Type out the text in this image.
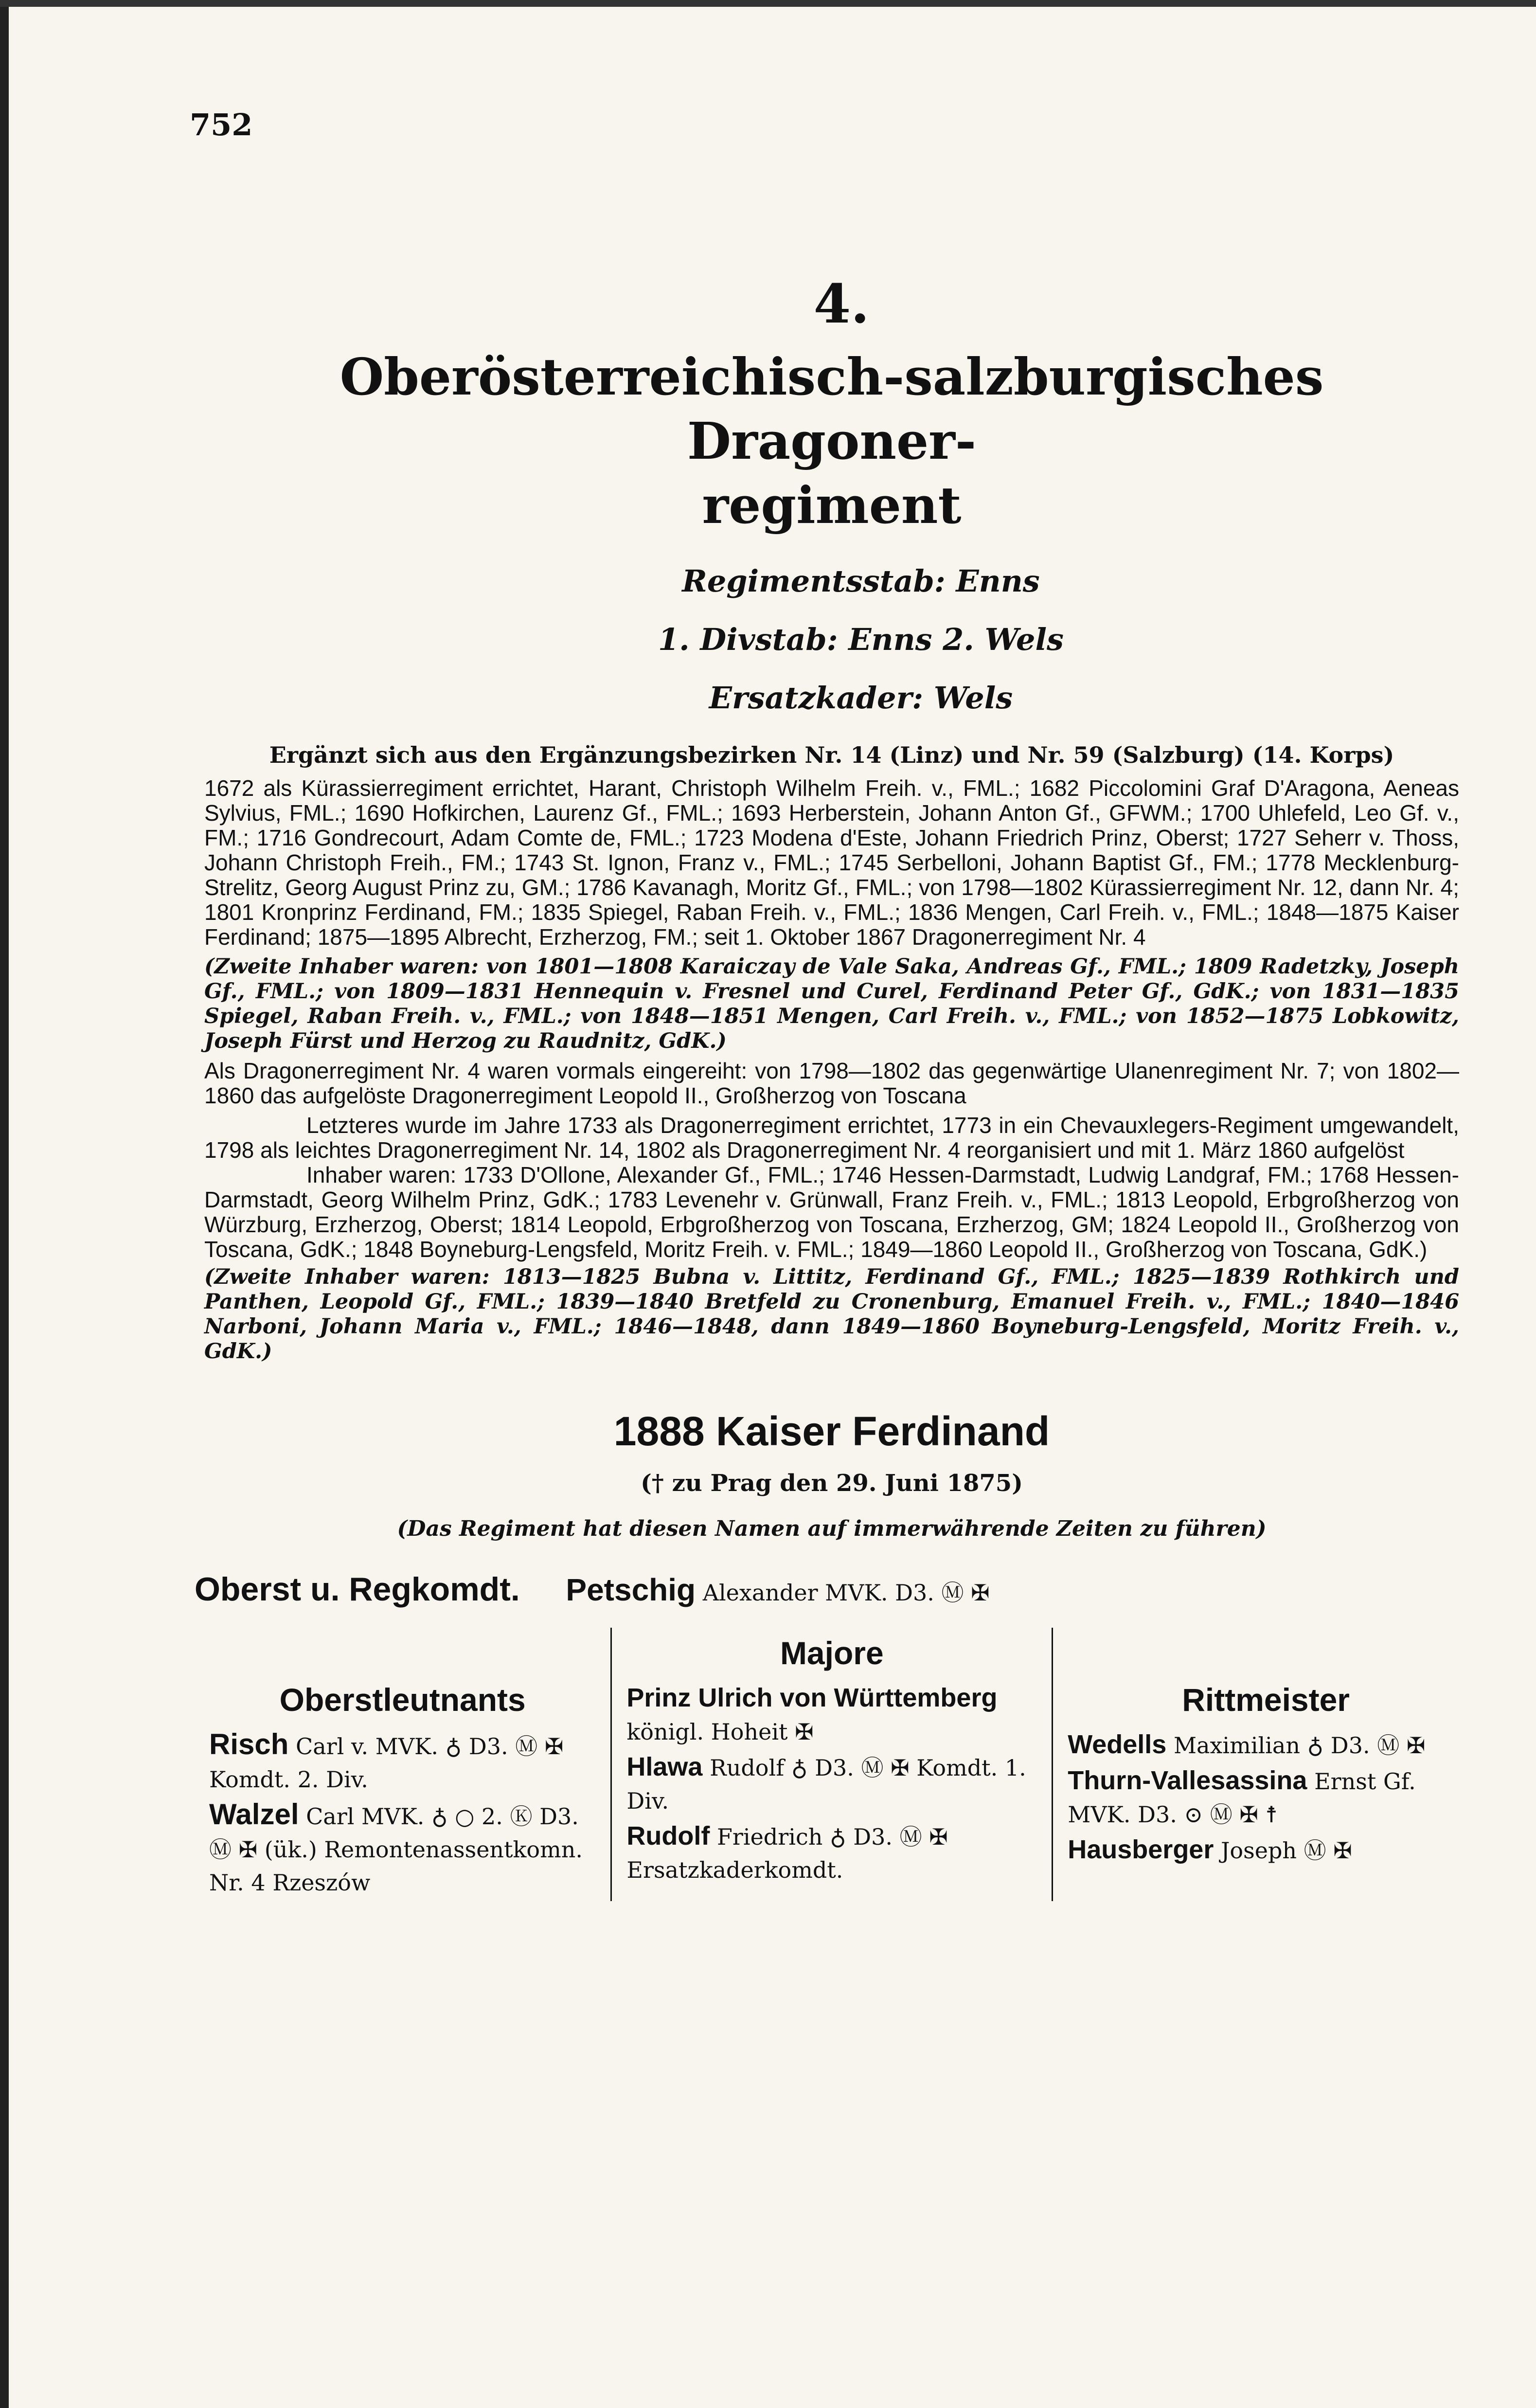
752
4.
Oberösterreichisch-salzburgisches Dragoner-
regiment
Regimentsstab: Enns
1. Divstab: Enns 2. Wels
Ersatzkader: Wels
Ergänzt sich aus den Ergänzungsbezirken Nr. 14 (Linz) und Nr. 59 (Salzburg) (14. Korps)

1672 als Kürassierregiment errichtet, Harant, Christoph Wilhelm Freih. v., FML.; 1682 Piccolomini Graf D'Aragona, Aeneas Sylvius, FML.; 1690 Hofkirchen, Laurenz Gf., FML.; 1693 Herberstein, Johann Anton Gf., GFWM.; 1700 Uhlefeld, Leo Gf. v., FM.; 1716 Gondrecourt, Adam Comte de, FML.; 1723 Modena d'Este, Johann Friedrich Prinz, Oberst; 1727 Seherr v. Thoss, Johann Christoph Freih., FM.; 1743 St. Ignon, Franz v., FML.; 1745 Serbelloni, Johann Baptist Gf., FM.; 1778 Mecklenburg-Strelitz, Georg August Prinz zu, GM.; 1786 Kavanagh, Moritz Gf., FML.; von 1798—1802 Kürassierregiment Nr. 12, dann Nr. 4; 1801 Kronprinz Ferdinand, FM.; 1835 Spiegel, Raban Freih. v., FML.; 1836 Mengen, Carl Freih. v., FML.; 1848—1875 Kaiser Ferdinand; 1875—1895 Albrecht, Erzherzog, FM.; seit 1. Oktober 1867 Dragonerregiment Nr. 4

(Zweite Inhaber waren: von 1801—1808 Karaiczay de Vale Saka, Andreas Gf., FML.; 1809 Radetzky, Joseph Gf., FML.; von 1809—1831 Hennequin v. Fresnel und Curel, Ferdinand Peter Gf., GdK.; von 1831—1835 Spiegel, Raban Freih. v., FML.; von 1848—1851 Mengen, Carl Freih. v., FML.; von 1852—1875 Lobkowitz, Joseph Fürst und Herzog zu Raudnitz, GdK.)

Als Dragonerregiment Nr. 4 waren vormals eingereiht: von 1798—1802 das gegenwärtige Ulanenregiment Nr. 7; von 1802—1860 das aufgelöste Dragonerregiment Leopold II., Großherzog von Toscana

Letzteres wurde im Jahre 1733 als Dragonerregiment errichtet, 1773 in ein Chevauxlegers-Regiment umgewandelt, 1798 als leichtes Dragonerregiment Nr. 14, 1802 als Dragonerregiment Nr. 4 reorganisiert und mit 1. März 1860 aufgelöst

Inhaber waren: 1733 D'Ollone, Alexander Gf., FML.; 1746 Hessen-Darmstadt, Ludwig Landgraf, FM.; 1768 Hessen-Darmstadt, Georg Wilhelm Prinz, GdK.; 1783 Levenehr v. Grünwall, Franz Freih. v., FML.; 1813 Leopold, Erbgroßherzog von Würzburg, Erzherzog, Oberst; 1814 Leopold, Erbgroßherzog von Toscana, Erzherzog, GM; 1824 Leopold II., Großherzog von Toscana, GdK.; 1848 Boyneburg-Lengsfeld, Moritz Freih. v. FML.; 1849—1860 Leopold II., Großherzog von Toscana, GdK.)

(Zweite Inhaber waren: 1813—1825 Bubna v. Littitz, Ferdinand Gf., FML.; 1825—1839 Rothkirch und Panthen, Leopold Gf., FML.; 1839—1840 Bretfeld zu Cronenburg, Emanuel Freih. v., FML.; 1840—1846 Narboni, Johann Maria v., FML.; 1846—1848, dann 1849—1860 Boyneburg-Lengsfeld, Moritz Freih. v., GdK.)

1888 Kaiser Ferdinand
(† zu Prag den 29. Juni 1875)
(Das Regiment hat diesen Namen auf immerwährende Zeiten zu führen)
Oberst u. Regkomdt. Petschig Alexander MVK. D3. Ⓜ ✠
Oberstleutnants
Risch Carl v. MVK. ♁ D3. Ⓜ ✠ Komdt. 2. Div.
Walzel Carl MVK. ♁ ○ 2. Ⓚ D3. Ⓜ ✠ (ük.) Remontenassentkomn. Nr. 4 Rzeszów
Majore
Prinz Ulrich von Württemberg königl. Hoheit ✠
Hlawa Rudolf ♁ D3. Ⓜ ✠ Komdt. 1. Div.
Rudolf Friedrich ♁ D3. Ⓜ ✠ Ersatzkaderkomdt.
Rittmeister
Wedells Maximilian ♁ D3. Ⓜ ✠
Thurn-Vallesassina Ernst Gf. MVK. D3. ⊙ Ⓜ ✠ ☨
Hausberger Joseph Ⓜ ✠
